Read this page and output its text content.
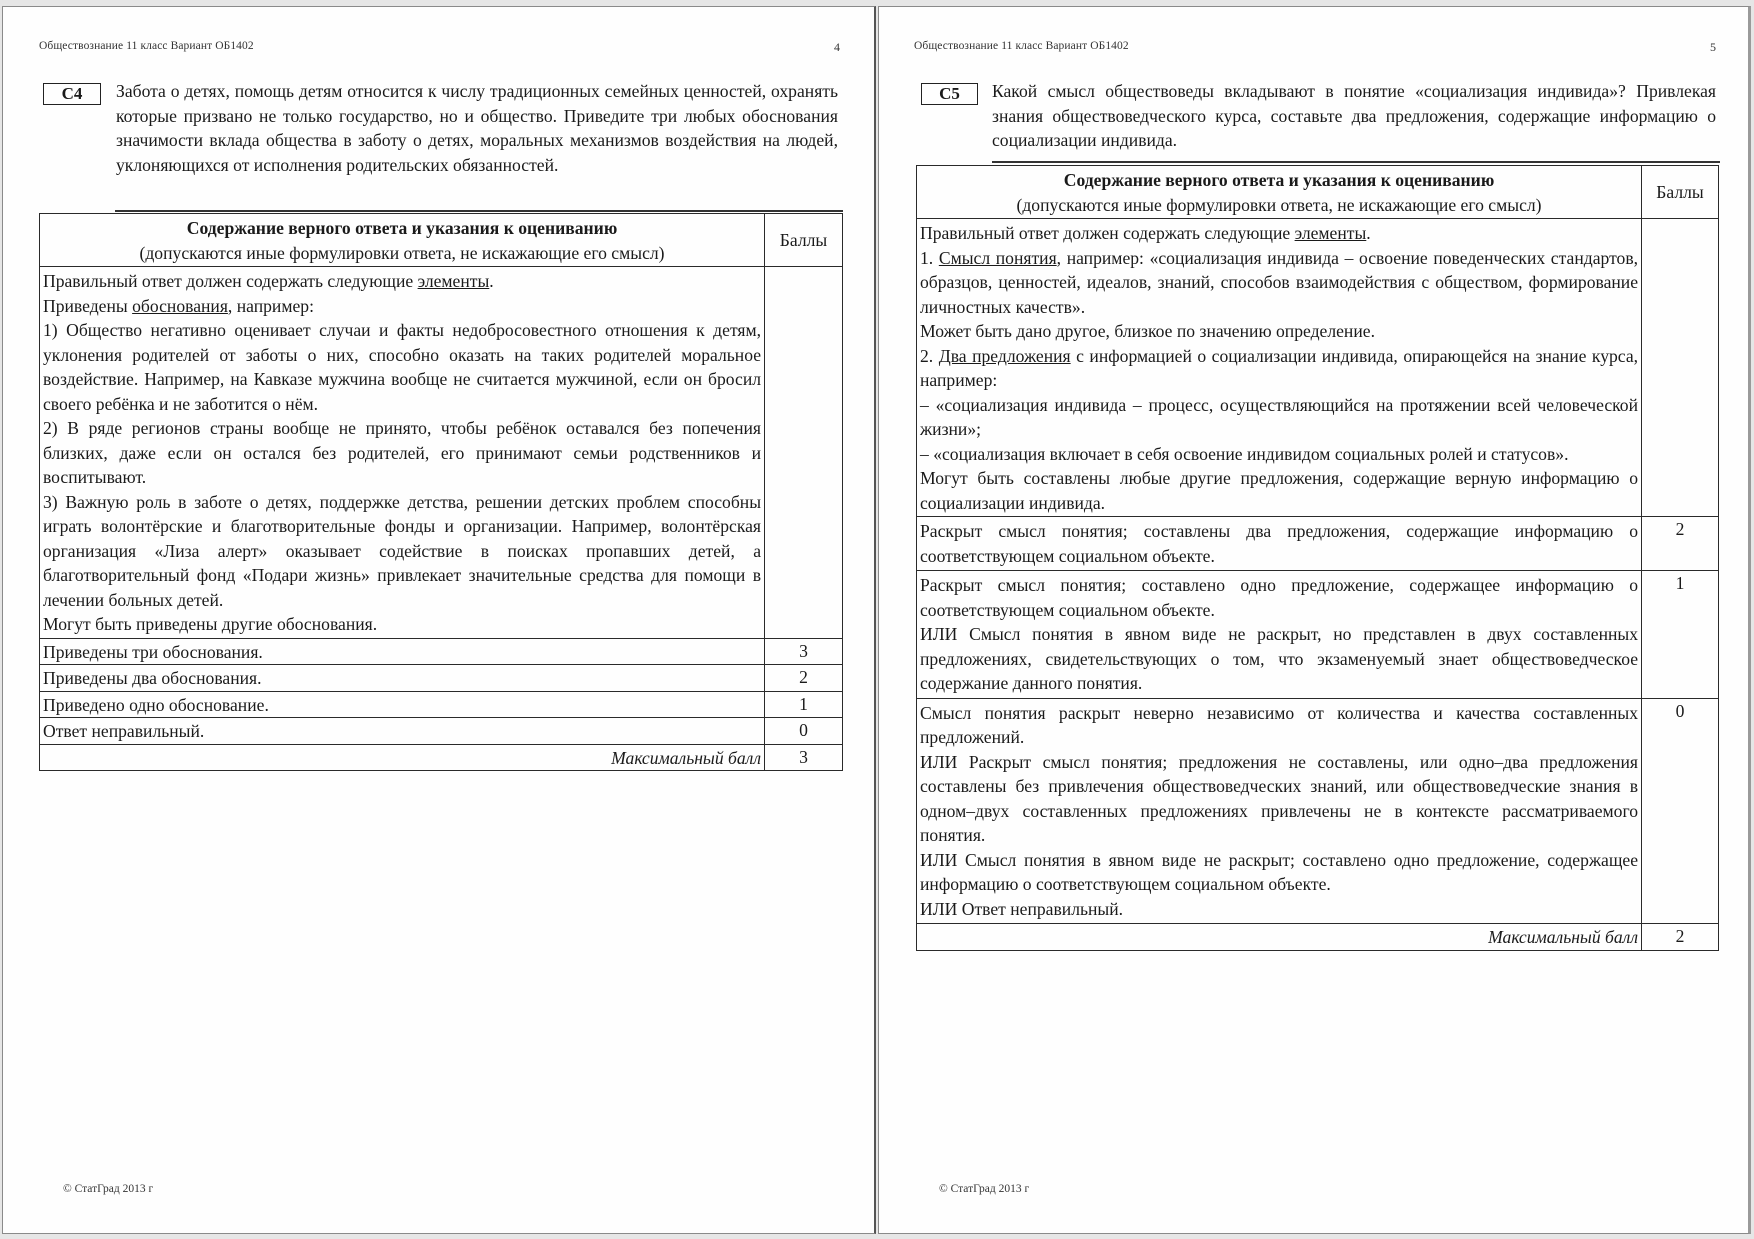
Обществознание 11 класс Вариант ОБ1402	4
С4	Забота о детях, помощь детям относится к числу традиционных семейных ценностей, охранять которые призвано не только государство, но и общество. Приведите три любых обоснования значимости вклада общества в заботу о детях, моральных механизмов воздействия на людей, уклоняющихся от исполнения родительских обязанностей.
Содержание верного ответа и указания к оцениванию
(допускаются иные формулировки ответа, не искажающие его смысл)	Баллы

Правильный ответ должен содержать следующие элементы.

Приведены обоснования, например:

1) Общество негативно оценивает случаи и факты недобросовестного отношения к детям, уклонения родителей от заботы о них, способно оказать на таких родителей моральное воздействие. Например, на Кавказе мужчина вообще не считается мужчиной, если он бросил своего ребёнка и не заботится о нём.

2) В ряде регионов страны вообще не принято, чтобы ребёнок оставался без попечения близких, даже если он остался без родителей, его принимают семьи родственников и воспитывают.

3) Важную роль в заботе о детях, поддержке детства, решении детских проблем способны играть волонтёрские и благотворительные фонды и организации. Например, волонтёрская организация «Лиза алерт» оказывает содействие в поисках пропавших детей, а благотворительный фонд «Подари жизнь» привлекает значительные средства для помощи в лечении больных детей.

Могут быть приведены другие обоснования.

Приведены три обоснования.	3
Приведены два обоснования.	2
Приведено одно обоснование.	1
Ответ неправильный.	0
Максимальный балл	3
© СтатГрад 2013 г
Обществознание 11 класс Вариант ОБ1402	5
С5	Какой смысл обществоведы вкладывают в понятие «социализация индивида»? Привлекая знания обществоведческого курса, составьте два предложения, содержащие информацию о социализации индивида.
Содержание верного ответа и указания к оцениванию
(допускаются иные формулировки ответа, не искажающие его смысл)	Баллы

Правильный ответ должен содержать следующие элементы.

1. Смысл понятия, например: «социализация индивида – освоение поведенческих стандартов, образцов, ценностей, идеалов, знаний, способов взаимодействия с обществом, формирование личностных качеств».

Может быть дано другое, близкое по значению определение.

2. Два предложения с информацией о социализации индивида, опирающейся на знание курса, например:

– «социализация индивида – процесс, осуществляющийся на протяжении всей человеческой жизни»;

– «социализация включает в себя освоение индивидом социальных ролей и статусов».

Могут быть составлены любые другие предложения, содержащие верную информацию о социализации индивида.

Раскрыт смысл понятия; составлены два предложения, содержащие информацию о соответствующем социальном объекте.	2

Раскрыт смысл понятия; составлено одно предложение, содержащее информацию о соответствующем социальном объекте.

ИЛИ Смысл понятия в явном виде не раскрыт, но представлен в двух составленных предложениях, свидетельствующих о том, что экзаменуемый знает обществоведческое содержание данного понятия.	1

Смысл понятия раскрыт неверно независимо от количества и качества составленных предложений.

ИЛИ Раскрыт смысл понятия; предложения не составлены, или одно–два предложения составлены без привлечения обществоведческих знаний, или обществоведческие знания в одном–двух составленных предложениях привлечены не в контексте рассматриваемого понятия.

ИЛИ Смысл понятия в явном виде не раскрыт; составлено одно предложение, содержащее информацию о соответствующем социальном объекте.

ИЛИ Ответ неправильный.	0
Максимальный балл	2
© СтатГрад 2013 г
